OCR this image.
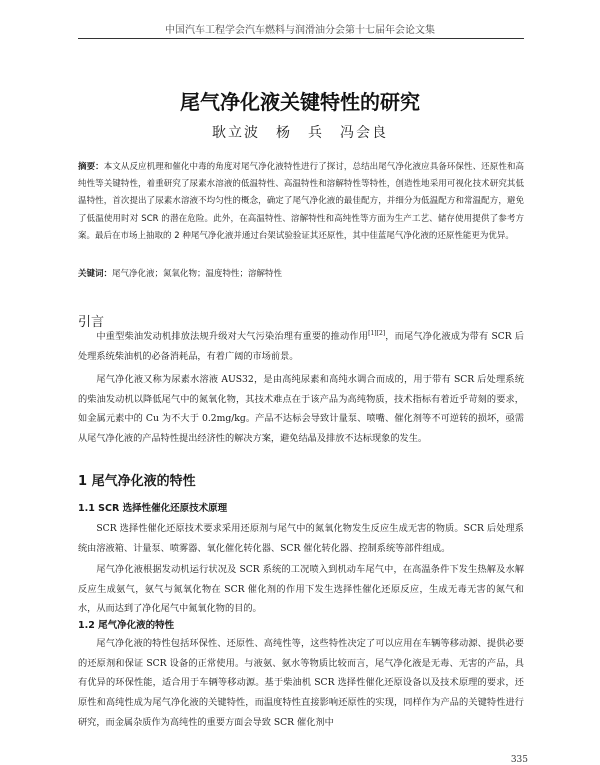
中国汽车工程学会汽车燃料与润滑油分会第十七届年会论文集
尾气净化液关键特性的研究
耿立波　杨　兵　冯会良
摘要：本文从反应机理和催化中毒的角度对尾气净化液特性进行了探讨，总结出尾气净化液应具备环保性、还原性和高纯性等关键特性，着重研究了尿素水溶液的低温特性、高温特性和溶解特性等特性，创造性地采用可视化技术研究其低温特性，首次提出了尿素水溶液不均匀性的概念，确定了尾气净化液的最佳配方，并细分为低温配方和常温配方，避免了低温使用时对 SCR 的潜在危险。此外，在高温特性、溶解特性和高纯性等方面为生产工艺、储存使用提供了参考方案。最后在市场上抽取的 2 种尾气净化液并通过台架试验验证其还原性，其中佳蓝尾气净化液的还原性能更为优异。
关键词：尾气净化液；氮氧化物；温度特性；溶解特性
引言
中重型柴油发动机排放法规升级对大气污染治理有重要的推动作用[1][2]，而尾气净化液成为带有 SCR 后处理系统柴油机的必备消耗品，有着广阔的市场前景。
尾气净化液又称为尿素水溶液 AUS32，是由高纯尿素和高纯水调合而成的，用于带有 SCR 后处理系统的柴油发动机以降低尾气中的氮氧化物，其技术难点在于该产品为高纯物质，技术指标有着近乎苛刻的要求，如金属元素中的 Cu 为不大于 0.2mg/kg。产品不达标会导致计量泵、喷嘴、催化剂等不可逆转的损坏，亟需从尾气净化液的产品特性提出经济性的解决方案，避免结晶及排放不达标现象的发生。
1 尾气净化液的特性
1.1 SCR 选择性催化还原技术原理
SCR 选择性催化还原技术要求采用还原剂与尾气中的氮氧化物发生反应生成无害的物质。SCR 后处理系统由溶液箱、计量泵、喷雾器、氧化催化转化器、SCR 催化转化器、控制系统等部件组成。
尾气净化液根据发动机运行状况及 SCR 系统的工况喷入到机动车尾气中，在高温条件下发生热解及水解反应生成氨气，氨气与氮氧化物在 SCR 催化剂的作用下发生选择性催化还原反应，生成无毒无害的氮气和水，从而达到了净化尾气中氮氧化物的目的。
1.2 尾气净化液的特性
尾气净化液的特性包括环保性、还原性、高纯性等，这些特性决定了可以应用在车辆等移动源、提供必要的还原剂和保证 SCR 设备的正常使用。与液氨、氨水等物质比较而言，尾气净化液是无毒、无害的产品，具有优异的环保性能，适合用于车辆等移动源。基于柴油机 SCR 选择性催化还原设备以及技术原理的要求，还原性和高纯性成为尾气净化液的关键特性，而温度特性直接影响还原性的实现，同样作为产品的关键特性进行研究，而金属杂质作为高纯性的重要方面会导致 SCR 催化剂中
335
